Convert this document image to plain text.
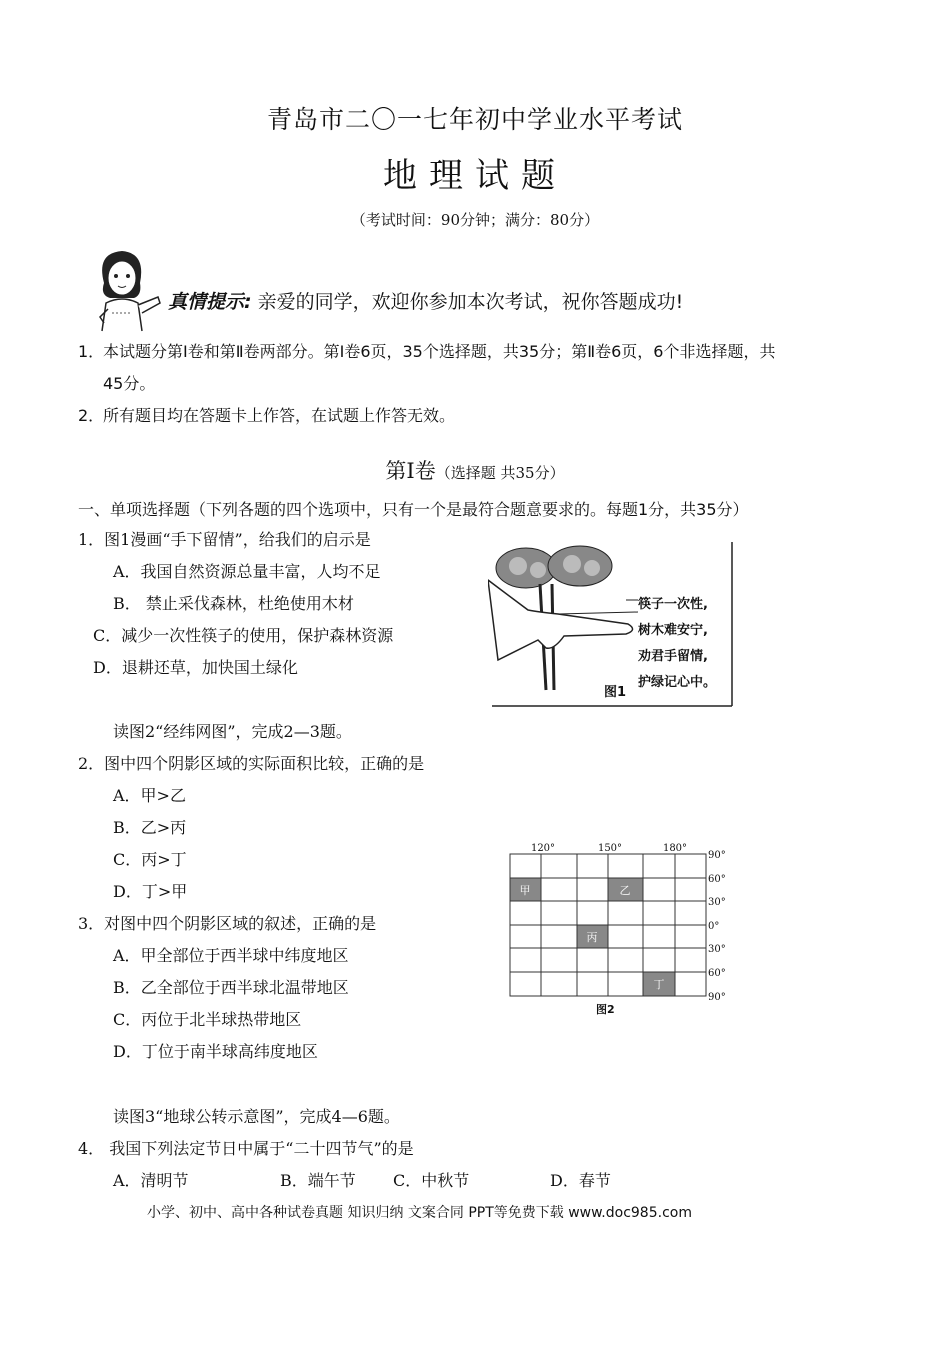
青岛市二〇一七年初中学业水平考试
地理试题
（考试时间：90分钟；满分：80分）
真情提示: 亲爱的同学，欢迎你参加本次考试，祝你答题成功!
1．
本试题分第Ⅰ卷和第Ⅱ卷两部分。第Ⅰ卷6页，35个选择题，共35分；第Ⅱ卷6页，6个非选择题，共
45分。
2．
所有题目均在答题卡上作答，在试题上作答无效。
第Ⅰ卷（选择题 共35分）
一、单项选择题（下列各题的四个选项中，只有一个是最符合题意要求的。每题1分，共35分）
1．图1漫画“手下留情”，给我们的启示是
A．我国自然资源总量丰富，人均不足
B． 禁止采伐森林，杜绝使用木材
C．减少一次性筷子的使用，保护森林资源
D．退耕还草，加快国土绿化
筷子一次性,
树木难安宁,
劝君手留情,
护绿记心中。
图1
读图2“经纬网图”，完成2—3题。
2．图中四个阴影区域的实际面积比较，正确的是
A．甲>乙
B．乙>丙
C．丙>丁
D．丁>甲
3．对图中四个阴影区域的叙述，正确的是
A．甲全部位于西半球中纬度地区
B．乙全部位于西半球北温带地区
C．丙位于北半球热带地区
D．丁位于南半球高纬度地区
甲	乙
丙
丁
120°	150°	180°
90°
60°
30°
0°
30°
60°
90°
图2
读图3“地球公转示意图”，完成4—6题。
4． 我国下列法定节日中属于“二十四节气”的是
A．清明节	B．端午节 C．中秋节	D．春节
小学、初中、高中各种试卷真题 知识归纳 文案合同 PPT等免费下载 www.doc985.com
